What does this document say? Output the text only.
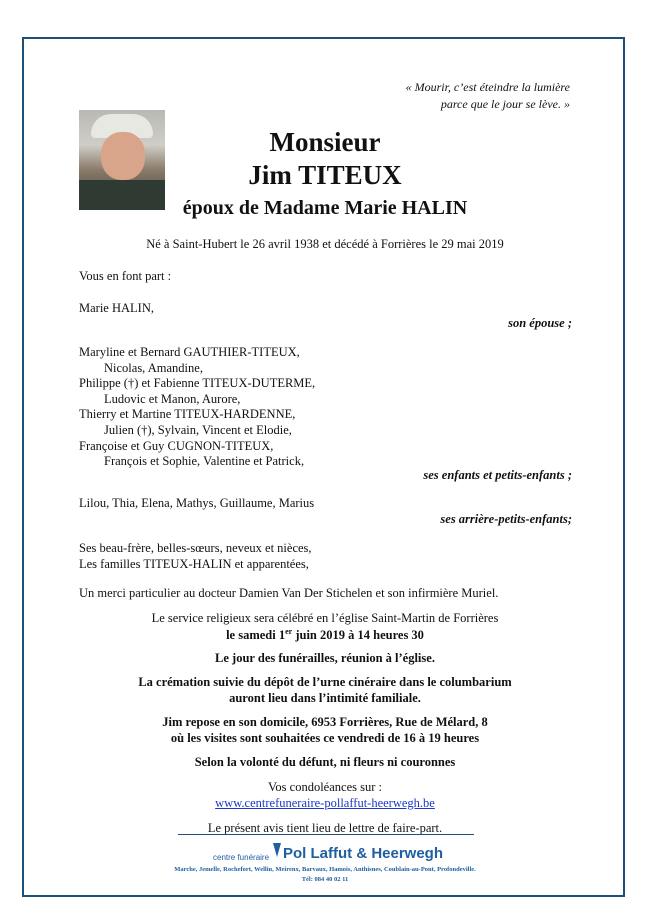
« Mourir, c’est éteindre la lumière
parce que le jour se lève. »
Monsieur
Jim TITEUX
époux de Madame Marie HALIN
Né à Saint-Hubert le 26 avril 1938 et décédé à Forrières le 29 mai 2019
Vous en font part :
Marie HALIN,
son épouse ;
Maryline et Bernard GAUTHIER-TITEUX,
Nicolas, Amandine,
Philippe (†) et Fabienne TITEUX-DUTERME,
Ludovic et Manon, Aurore,
Thierry et Martine TITEUX-HARDENNE,
Julien (†), Sylvain, Vincent et Elodie,
Françoise et Guy CUGNON-TITEUX,
François et Sophie, Valentine et Patrick,
ses enfants et petits-enfants ;
Lilou, Thia, Elena, Mathys, Guillaume, Marius
ses arrière-petits-enfants;
Ses beau-frère, belles-sœurs, neveux et nièces,
Les familles TITEUX-HALIN et apparentées,
Un merci particulier au docteur Damien Van Der Stichelen et son infirmière Muriel.
Le service religieux sera célébré en l’église Saint-Martin de Forrières
le samedi 1er juin 2019 à 14 heures 30
Le jour des funérailles, réunion à l’église.
La crémation suivie du dépôt de l’urne cinéraire dans le columbarium
auront lieu dans l’intimité familiale.
Jim repose en son domicile, 6953 Forrières, Rue de Mélard, 8
où les visites sont souhaitées ce vendredi de 16 à 19 heures
Selon la volonté du défunt, ni fleurs ni couronnes
Vos condoléances sur :
www.centrefuneraire-pollaffut-heerwegh.be
Le présent avis tient lieu de lettre de faire-part.
centre funéraire Pol Laffut & Heerwegh
Marche, Jemelle, Rochefort, Wellin, Meirenx, Barvaux, Hamois, Anthisnes, Coublain-au-Pont, Profondeville.
Tél: 084 40 02 11
